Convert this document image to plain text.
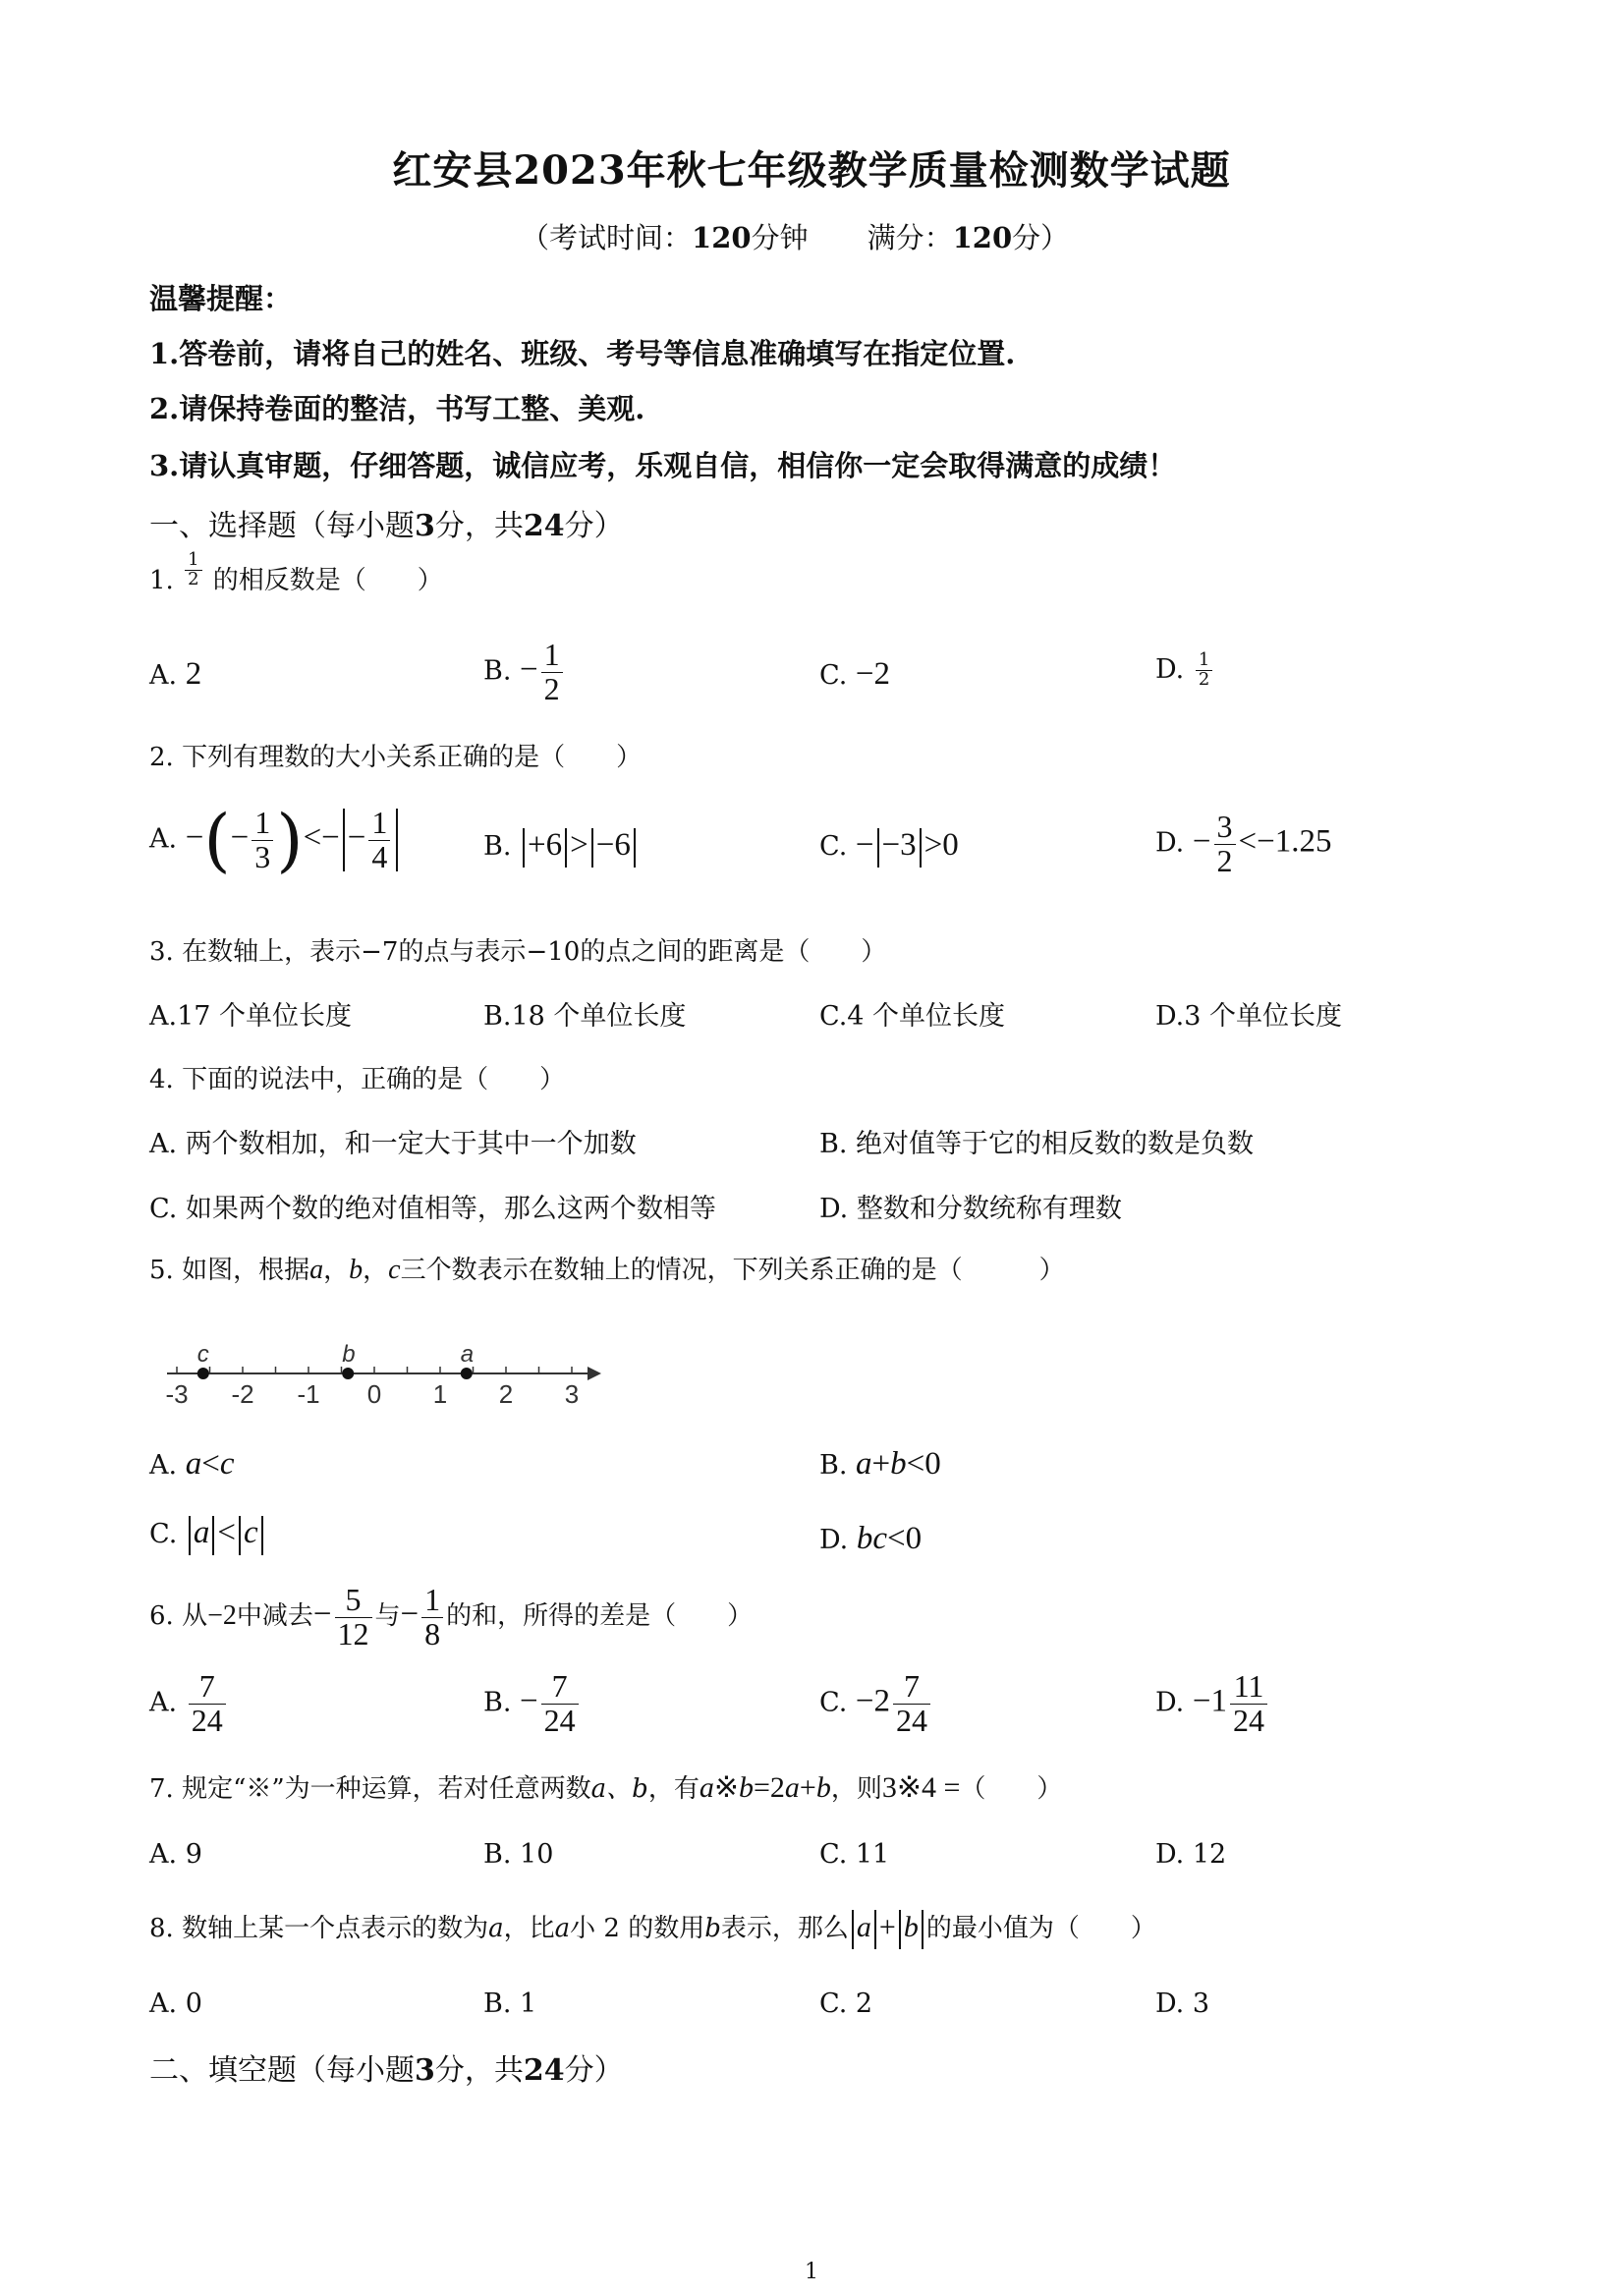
红安县2023年秋七年级教学质量检测数学试题
（考试时间：120分钟 满分：120分）
温馨提醒：
1.答卷前，请将自己的姓名、班级、考号等信息准确填写在指定位置.
2.请保持卷面的整洁，书写工整、美观.
3.请认真审题，仔细答题，诚信应考，乐观自信，相信你一定会取得满意的成绩！
一、选择题（每小题3分，共24分）
1. $\frac{1}{2}$ 的相反数是（　　）
A. 2	B. − $\frac{1}{2}$	C. −2	D. $\frac{1}{2}$
2. 下列有理数的大小关系正确的是（　　）
A. −(− $\frac{1}{3}$ )<− − $\frac{1}{4}$	B. +6 > −6	C. − −3 >0	D. − $\frac{3}{2} <-1.25$
3. 在数轴上，表示−7的点与表示−10的点之间的距离是（　　）
A.17 个单位长度	B.18 个单位长度	C.4 个单位长度	D.3 个单位长度
4. 下面的说法中，正确的是（　　）
A. 两个数相加，和一定大于其中一个加数	B. 绝对值等于它的相反数的数是负数
C. 如果两个数的绝对值相等，那么这两个数相等	D. 整数和分数统称有理数
5. 如图，根据a，b，c三个数表示在数轴上的情况，下列关系正确的是（　　　）
-3 -2 -1 0 1 2 3
c	b	a
A. a<c	B. a+b<0
C. a < c	D. bc<0
6. 从−2中减去− $\frac{5}{12}$ 与− $\frac{1}{8}$ 的和，所得的差是（　　）
A. $\frac{7}{24}$	B. − $\frac{7}{24}$	C. $-2 \frac{7}{24}$	D. $-1 \frac{11}{24}$
7. 规定“※”为一种运算，若对任意两数a、b，有a※b=2a+b，则3※4 =（　　）
A. 9	B. 10	C. 11	D. 12
8. 数轴上某一个点表示的数为a，比a小 2 的数用b表示，那么 a + b 的最小值为（　　）
A. 0	B. 1	C. 2	D. 3
二、填空题（每小题3分，共24分）
1
